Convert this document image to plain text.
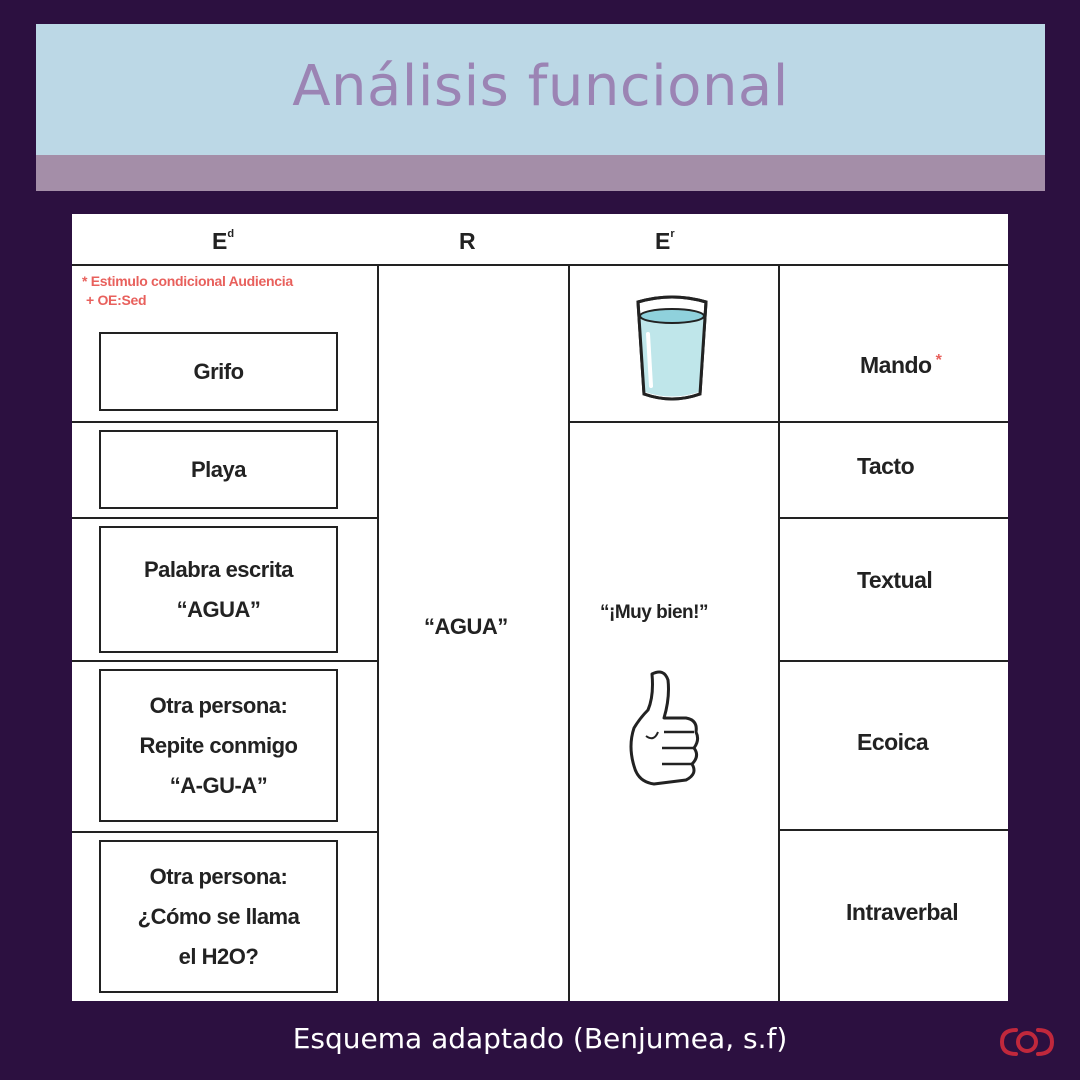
Análisis funcional
$E^d$	R	$E^r$
* Estimulo condicional Audiencia
+ OE:Sed
Grifo
Playa
Palabra escrita
“AGUA”
Otra persona:
Repite conmigo
“A-GU-A”
Otra persona:
¿Cómo se llama
el H2O?
“AGUA”
“¡Muy bien!”
Mando *
Tacto
Textual
Ecoica
Intraverbal
Esquema adaptado (Benjumea, s.f)
